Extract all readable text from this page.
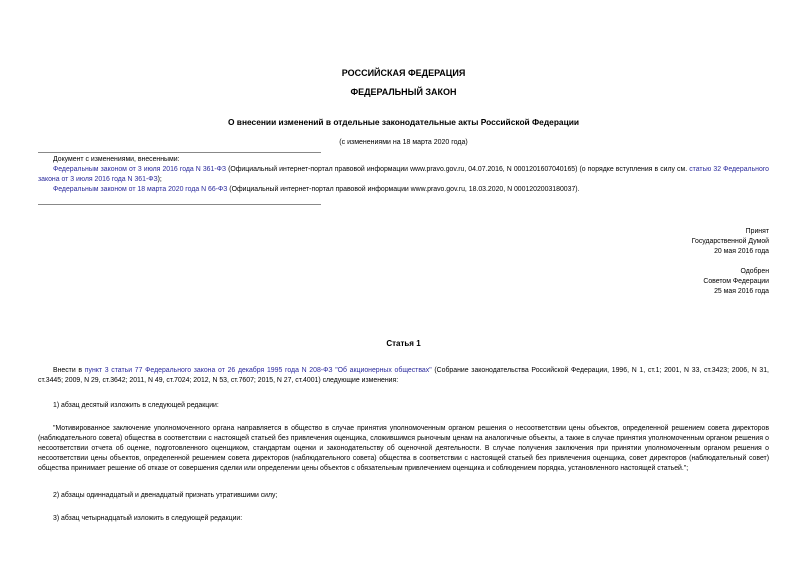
РОССИЙСКАЯ ФЕДЕРАЦИЯ
ФЕДЕРАЛЬНЫЙ ЗАКОН
О внесении изменений в отдельные законодательные акты Российской Федерации
(с изменениями на 18 марта 2020 года)

Документ с изменениями, внесенными:

Федеральным законом от 3 июля 2016 года N 361-ФЗ (Официальный интернет-портал правовой информации www.pravo.gov.ru, 04.07.2016, N 0001201607040165) (о порядке вступления в силу см. статью 32 Федерального закона от 3 июля 2016 года N 361-ФЗ);

Федеральным законом от 18 марта 2020 года N 66-ФЗ (Официальный интернет-портал правовой информации www.pravo.gov.ru, 18.03.2020, N 0001202003180037).

Принят
Государственной Думой
20 мая 2016 года
Одобрен
Советом Федерации
25 мая 2016 года
Статья 1

Внести в пункт 3 статьи 77 Федерального закона от 26 декабря 1995 года N 208-ФЗ "Об акционерных обществах" (Собрание законодательства Российской Федерации, 1996, N 1, ст.1; 2001, N 33, ст.3423; 2006, N 31, ст.3445; 2009, N 29, ст.3642; 2011, N 49, ст.7024; 2012, N 53, ст.7607; 2015, N 27, ст.4001) следующие изменения:

1) абзац десятый изложить в следующей редакции:

"Мотивированное заключение уполномоченного органа направляется в общество в случае принятия уполномоченным органом решения о несоответствии цены объектов, определенной решением совета директоров (наблюдательного совета) общества в соответствии с настоящей статьей без привлечения оценщика, сложившимся рыночным ценам на аналогичные объекты, а также в случае принятия уполномоченным органом решения о несоответствии отчета об оценке, подготовленного оценщиком, стандартам оценки и законодательству об оценочной деятельности. В случае получения заключения при принятии уполномоченным органом решения о несоответствии цены объектов, определенной решением совета директоров (наблюдательного совета) общества в соответствии с настоящей статьей без привлечения оценщика, совет директоров (наблюдательный совет) общества принимает решение об отказе от совершения сделки или определении цены объектов с обязательным привлечением оценщика и соблюдением порядка, установленного настоящей статьей.";

2) абзацы одиннадцатый и двенадцатый признать утратившими силу;

3) абзац четырнадцатый изложить в следующей редакции:
